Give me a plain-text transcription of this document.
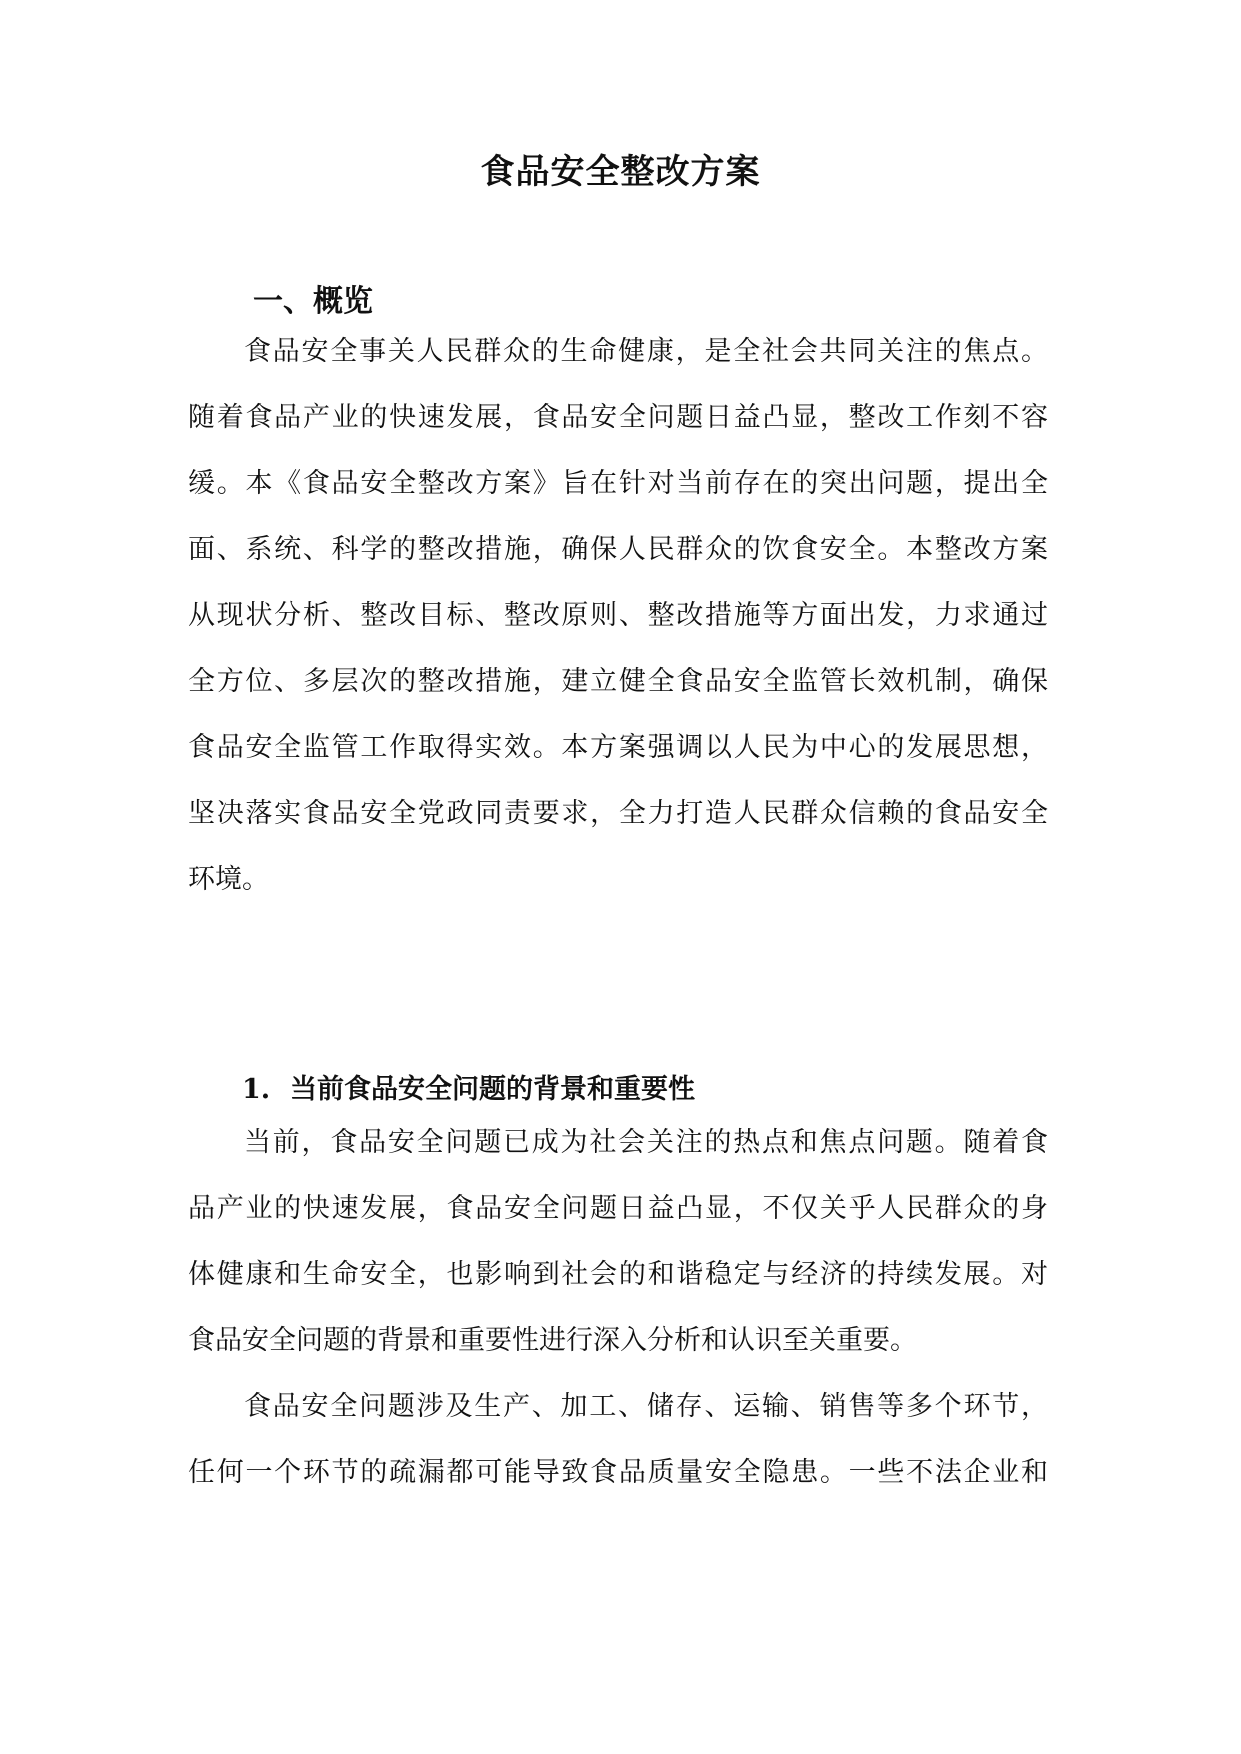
食品安全整改方案
一、概览

食品安全事关人民群众的生命健康，是全社会共同关注的焦点。

随着食品产业的快速发展，食品安全问题日益凸显，整改工作刻不容

缓。本《食品安全整改方案》旨在针对当前存在的突出问题，提出全

面、系统、科学的整改措施，确保人民群众的饮食安全。本整改方案

从现状分析、整改目标、整改原则、整改措施等方面出发，力求通过

全方位、多层次的整改措施，建立健全食品安全监管长效机制，确保

食品安全监管工作取得实效。本方案强调以人民为中心的发展思想，

坚决落实食品安全党政同责要求，全力打造人民群众信赖的食品安全

环境。

1. 当前食品安全问题的背景和重要性

当前，食品安全问题已成为社会关注的热点和焦点问题。随着食

品产业的快速发展，食品安全问题日益凸显，不仅关乎人民群众的身

体健康和生命安全，也影响到社会的和谐稳定与经济的持续发展。对

食品安全问题的背景和重要性进行深入分析和认识至关重要。

食品安全问题涉及生产、加工、储存、运输、销售等多个环节，

任何一个环节的疏漏都可能导致食品质量安全隐患。一些不法企业和
